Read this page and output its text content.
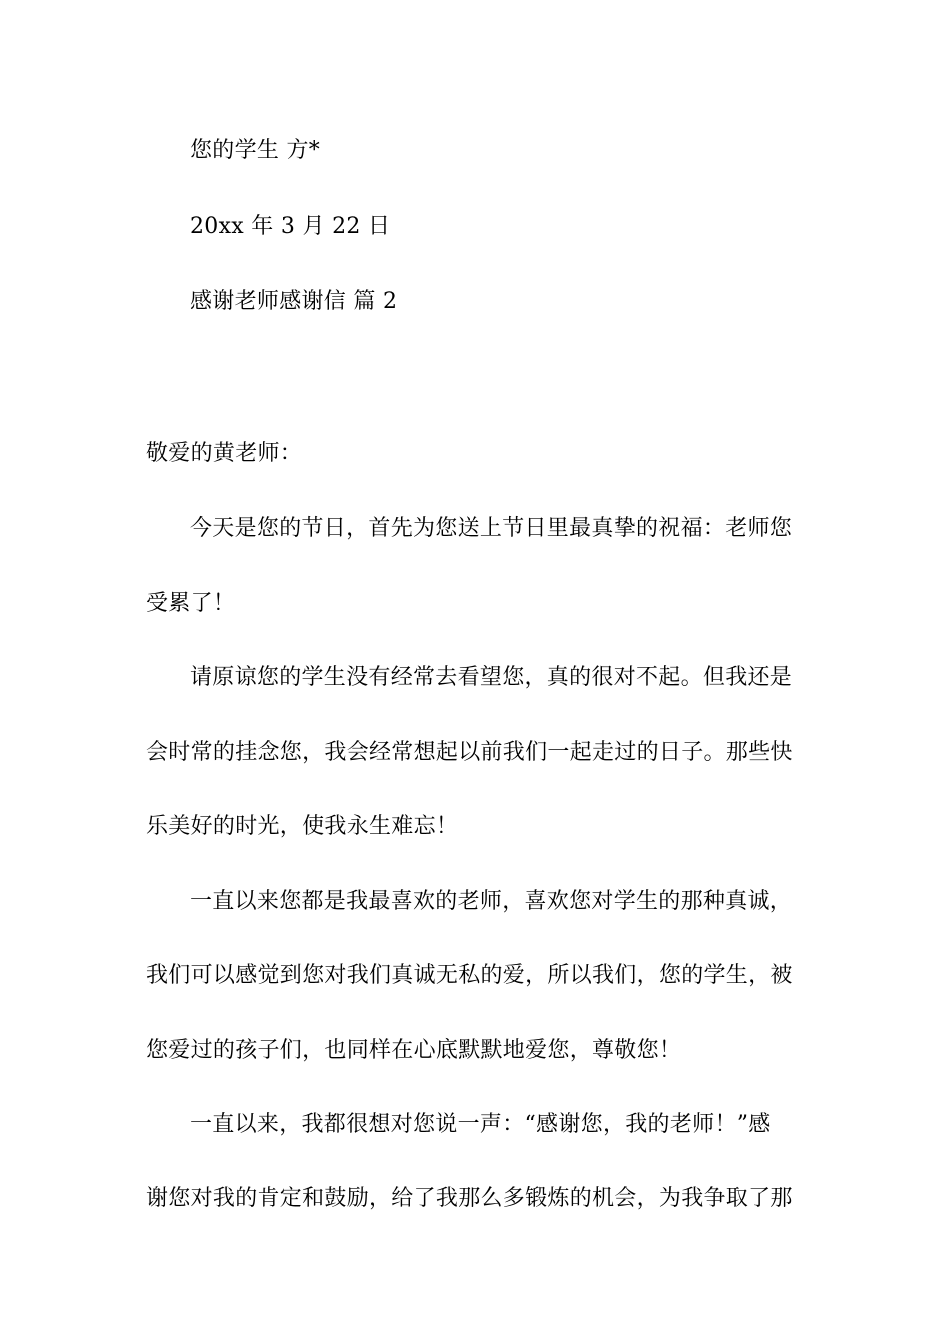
您的学生 方*
20xx 年 3 月 22 日
感谢老师感谢信 篇 2
敬爱的黄老师：
今天是您的节日，首先为您送上节日里最真挚的祝福：老师您
受累了！
请原谅您的学生没有经常去看望您，真的很对不起。但我还是
会时常的挂念您，我会经常想起以前我们一起走过的日子。那些快
乐美好的时光，使我永生难忘！
一直以来您都是我最喜欢的老师，喜欢您对学生的那种真诚，
我们可以感觉到您对我们真诚无私的爱，所以我们，您的学生，被
您爱过的孩子们，也同样在心底默默地爱您，尊敬您！
一直以来，我都很想对您说一声：“感谢您，我的老师！”感
谢您对我的肯定和鼓励，给了我那么多锻炼的机会，为我争取了那
